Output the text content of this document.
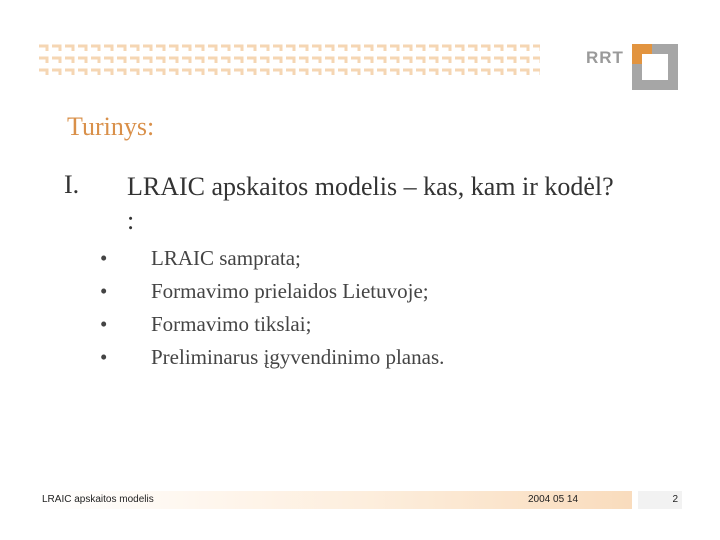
RRT
Turinys:
I. LRAIC apskaitos modelis – kas, kam ir kodėl? :
•	LRAIC samprata;
•	Formavimo prielaidos Lietuvoje;
•	Formavimo tikslai;
•	Preliminarus įgyvendinimo planas.
LRAIC apskaitos modelis	2004 05 14	2
